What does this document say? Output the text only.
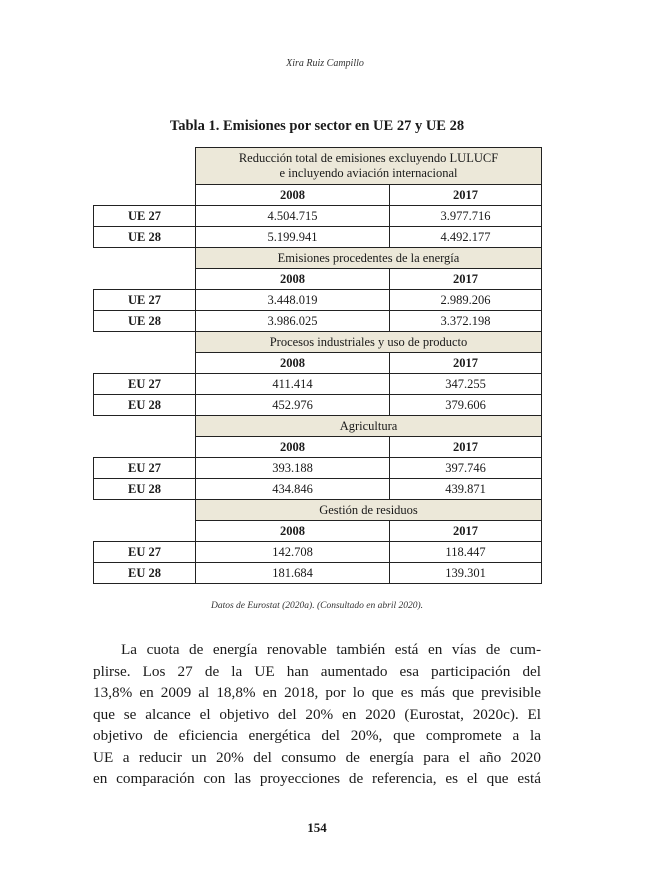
Xira Ruiz Campillo
Tabla 1. Emisiones por sector en UE 27 y UE 28
	Reducción total de emisiones excluyendo LULUCF
e incluyendo aviación internacional	
	2008	2017
UE 27	4.504.715	3.977.716
UE 28	5.199.941	4.492.177
	Emisiones procedentes de la energía	
	2008	2017
UE 27	3.448.019	2.989.206
UE 28	3.986.025	3.372.198
	Procesos industriales y uso de producto	
	2008	2017
EU 27	411.414	347.255
EU 28	452.976	379.606
	Agricultura	
	2008	2017
EU 27	393.188	397.746
EU 28	434.846	439.871
	Gestión de residuos	
	2008	2017
EU 27	142.708	118.447
EU 28	181.684	139.301
Datos de Eurostat (2020a). (Consultado en abril 2020).
La cuota de energía renovable también está en vías de cum-
plirse. Los 27 de la UE han aumentado esa participación del
13,8% en 2009 al 18,8% en 2018, por lo que es más que previsible
que se alcance el objetivo del 20% en 2020 (Eurostat, 2020c). El
objetivo de eficiencia energética del 20%, que compromete a la
UE a reducir un 20% del consumo de energía para el año 2020
en comparación con las proyecciones de referencia, es el que está
154
